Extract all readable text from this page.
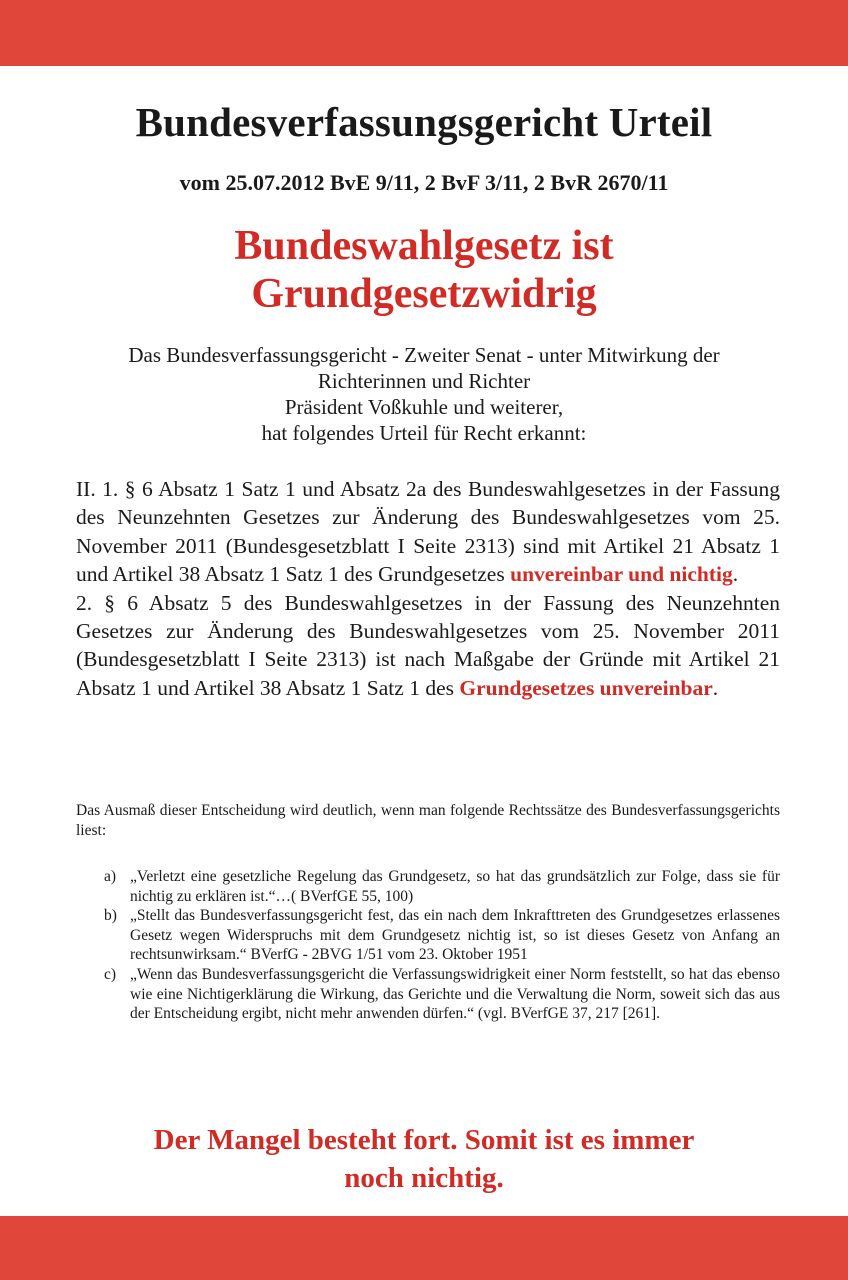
Bundesverfassungsgericht Urteil
vom 25.07.2012 BvE 9/11, 2 BvF 3/11, 2 BvR 2670/11
Bundeswahlgesetz ist
Grundgesetzwidrig
Das Bundesverfassungsgericht - Zweiter Senat - unter Mitwirkung der
Richterinnen und Richter
Präsident Voßkuhle und weiterer,
hat folgendes Urteil für Recht erkannt:

II. 1. § 6 Absatz 1 Satz 1 und Absatz 2a des Bundeswahlgesetzes in der Fassung des Neunzehnten Gesetzes zur Änderung des Bundeswahlgesetzes vom 25. November 2011 (Bundesgesetzblatt I Seite 2313) sind mit Artikel 21 Absatz 1 und Artikel 38 Absatz 1 Satz 1 des Grundgesetzes unvereinbar und nichtig.

2. § 6 Absatz 5 des Bundeswahlgesetzes in der Fassung des Neunzehnten Gesetzes zur Änderung des Bundeswahlgesetzes vom 25. November 2011 (Bundesgesetzblatt I Seite 2313) ist nach Maßgabe der Gründe mit Artikel 21 Absatz 1 und Artikel 38 Absatz 1 Satz 1 des Grundgesetzes unvereinbar.

Das Ausmaß dieser Entscheidung wird deutlich, wenn man folgende Rechtssätze des Bundesverfassungsgerichts liest:

a) „Verletzt eine gesetzliche Regelung das Grundgesetz, so hat das grundsätzlich zur Folge, dass sie für nichtig zu erklären ist.“…( BVerfGE 55, 100)
b) „Stellt das Bundesverfassungsgericht fest, das ein nach dem Inkrafttreten des Grundgesetzes erlassenes Gesetz wegen Widerspruchs mit dem Grundgesetz nichtig ist, so ist dieses Gesetz von Anfang an rechtsunwirksam.“ BVerfG - 2BVG 1/51 vom 23. Oktober 1951
c) „Wenn das Bundesverfassungsgericht die Verfassungswidrigkeit einer Norm feststellt, so hat das ebenso wie eine Nichtigerklärung die Wirkung, das Gerichte und die Verwaltung die Norm, soweit sich das aus der Entscheidung ergibt, nicht mehr anwenden dürfen.“ (vgl. BVerfGE 37, 217 [261].
Der Mangel besteht fort. Somit ist es immer
noch nichtig.
